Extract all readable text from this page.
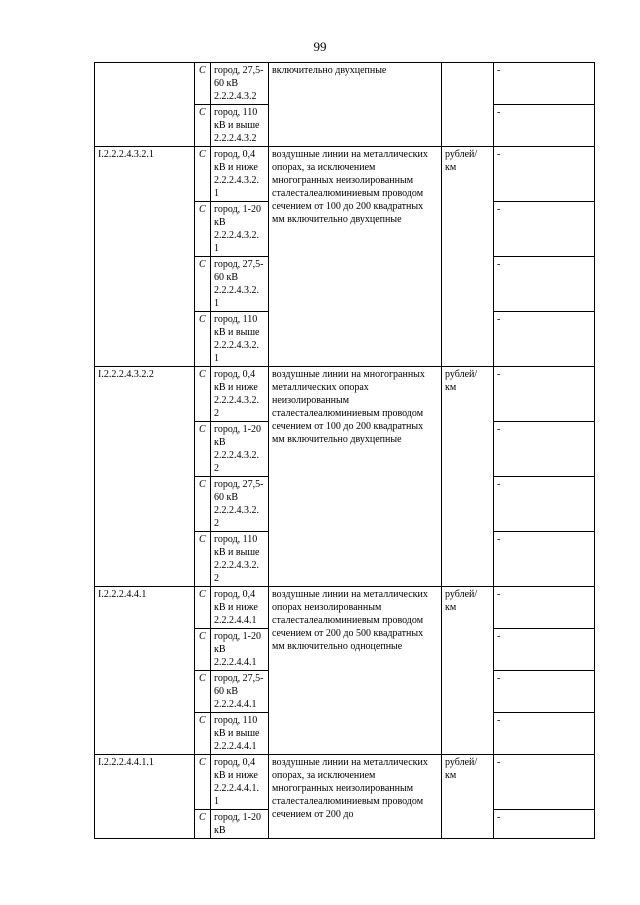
99
	С	город, 27,5-60 кВ 2.2.2.4.3.2	включительно двухцепные		-
	С	город, 110 кВ и выше 2.2.2.4.3.2			-
I.2.2.2.4.3.2.1	С	город, 0,4 кВ и ниже 2.2.2.4.3.2. 1	воздушные линии на металлических опорах, за исключением многогранных неизолированным сталесталеалюминиевым проводом сечением от 100 до 200 квадратных мм включительно двухцепные	рублей/ км	-
	С	город, 1-20 кВ 2.2.2.4.3.2. 1			-
	С	город, 27,5-60 кВ 2.2.2.4.3.2. 1			-
	С	город, 110 кВ и выше 2.2.2.4.3.2. 1			-
I.2.2.2.4.3.2.2	С	город, 0,4 кВ и ниже 2.2.2.4.3.2. 2	воздушные линии на многогранных металлических опорах неизолированным сталесталеалюминиевым проводом сечением от 100 до 200 квадратных мм включительно двухцепные	рублей/ км	-
	С	город, 1-20 кВ 2.2.2.4.3.2. 2			-
	С	город, 27,5-60 кВ 2.2.2.4.3.2. 2			-
	С	город, 110 кВ и выше 2.2.2.4.3.2. 2			-
I.2.2.2.4.4.1	С	город, 0,4 кВ и ниже 2.2.2.4.4.1	воздушные линии на металлических опорах неизолированным сталесталеалюминиевым проводом сечением от 200 до 500 квадратных мм включительно одноцепные	рублей/ км	-
	С	город, 1-20 кВ 2.2.2.4.4.1			-
	С	город, 27,5-60 кВ 2.2.2.4.4.1			-
	С	город, 110 кВ и выше 2.2.2.4.4.1			-
I.2.2.2.4.4.1.1	С	город, 0,4 кВ и ниже 2.2.2.4.4.1. 1	воздушные линии на металлических опорах, за исключением многогранных неизолированным сталесталеалюминиевым проводом сечением от 200 до	рублей/ км	-
	С	город, 1-20 кВ			-
